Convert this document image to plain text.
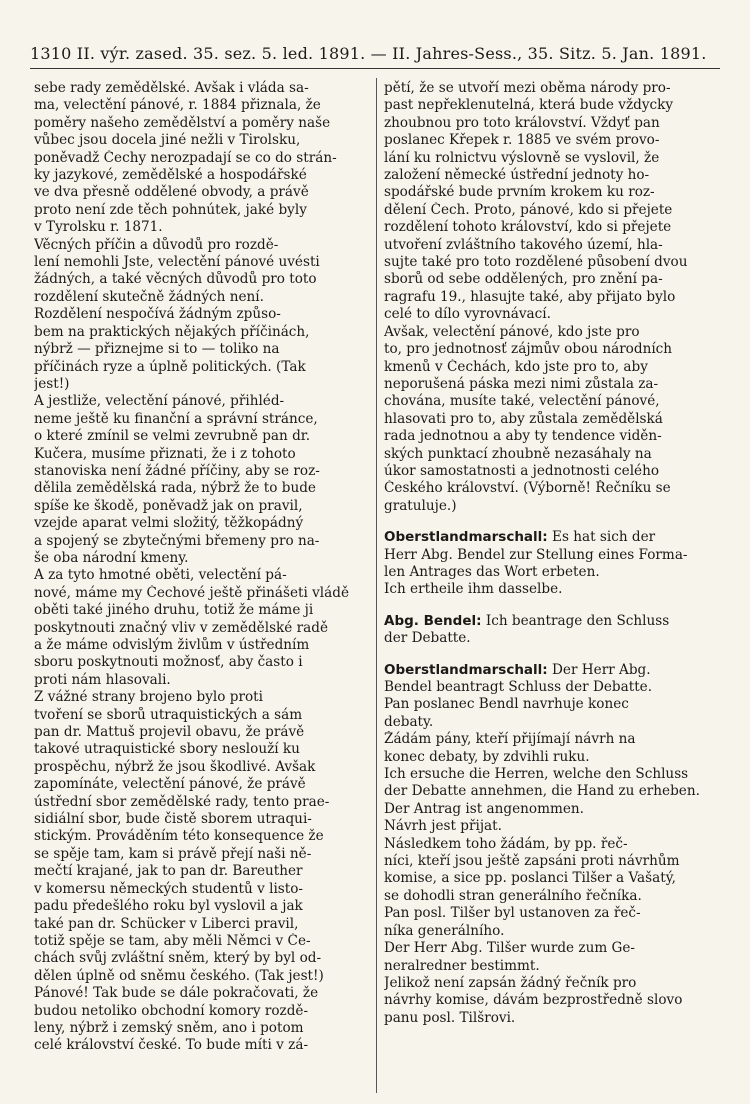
1310 II. výr. zased. 35. sez. 5. led. 1891. — II. Jahres-Sess., 35. Sitz. 5. Jan. 1891.
sebe rady zemědělské. Avšak i vláda sa-
ma, velectění pánové, r. 1884 přiznala, že
poměry našeho zemědělství a poměry naše
vůbec jsou docela jiné nežli v Tirolsku,
poněvadž Čechy nerozpadají se co do strán-
ky jazykové, zemědělské a hospodářské
ve dva přesně oddělené obvody, a právě
proto není zde těch pohnútek, jaké byly
v Tyrolsku r. 1871.
Věcných příčin a důvodů pro rozdě-
lení nemohli Jste, velectění pánové uvésti
žádných, a také věcných důvodů pro toto
rozdělení skutečně žádných není.
Rozdělení nespočívá žádným způso-
bem na praktických nějakých příčinách,
nýbrž — přiznejme si to — toliko na
příčinách ryze a úplně politických. (Tak
jest!)
A jestliže, velectění pánové, přihléd-
neme ještě ku finanční a správní stránce,
o které zmínil se velmi zevrubně pan dr.
Kučera, musíme přiznati, že i z tohoto
stanoviska není žádné příčiny, aby se roz-
dělila zemědělská rada, nýbrž že to bude
spíše ke škodě, poněvadž jak on pravil,
vzejde aparat velmi složitý, těžkopádný
a spojený se zbytečnými břemeny pro na-
še oba národní kmeny.
A za tyto hmotné oběti, velectění pá-
nové, máme my Čechové ještě přinášeti vládě
oběti také jiného druhu, totiž že máme ji
poskytnouti značný vliv v zemědělské radě
a že máme odvislým živlům v ústředním
sboru poskytnouti možnosť, aby často i
proti nám hlasovali.
Z vážné strany brojeno bylo proti
tvoření se sborů utraquistických a sám
pan dr. Mattuš projevil obavu, že právě
takové utraquistické sbory neslouží ku
prospěchu, nýbrž že jsou škodlivé. Avšak
zapomínáte, velectění pánové, že právě
ústřední sbor zemědělské rady, tento prae-
sidiální sbor, bude čistě sborem utraqui-
stickým. Prováděním této konsequence že
se spěje tam, kam si právě přejí naši ně-
mečtí krajané, jak to pan dr. Bareuther
v komersu německých studentů v listo-
padu předešlého roku byl vyslovil a jak
také pan dr. Schücker v Liberci pravil,
totiž spěje se tam, aby měli Němci v Če-
chách svůj zvláštní sněm, který by byl od-
dělen úplně od sněmu českého. (Tak jest!)
Pánové! Tak bude se dále pokračovati, že
budou netoliko obchodní komory rozdě-
leny, nýbrž i zemský sněm, ano i potom
celé království české. To bude míti v zá-
pětí, že se utvoří mezi oběma národy pro-
past nepřeklenutelná, která bude vždycky
zhoubnou pro toto království. Vždyť pan
poslanec Křepek r. 1885 ve svém provo-
lání ku rolnictvu výslovně se vyslovil, že
založení německé ústřední jednoty ho-
spodářské bude prvním krokem ku roz-
dělení Čech. Proto, pánové, kdo si přejete
rozdělení tohoto království, kdo si přejete
utvoření zvláštního takového území, hla-
sujte také pro toto rozdělené působení dvou
sborů od sebe oddělených, pro znění pa-
ragrafu 19., hlasujte také, aby přijato bylo
celé to dílo vyrovnávací.
Avšak, velectění pánové, kdo jste pro
to, pro jednotnosť zájmův obou národních
kmenů v Čechách, kdo jste pro to, aby
neporušená páska mezi nimi zůstala za-
chována, musíte také, velectění pánové,
hlasovati pro to, aby zůstala zemědělská
rada jednotnou a aby ty tendence viděn-
ských punktací zhoubně nezasáhaly na
úkor samostatnosti a jednotnosti celého
Českého království. (Výborně! Řečníku se
gratuluje.)
Oberstlandmarschall: Es hat sich der
Herr Abg. Bendel zur Stellung eines Forma-
len Antrages das Wort erbeten.
Ich ertheile ihm dasselbe.
Abg. Bendel: Ich beantrage den Schluss
der Debatte.
Oberstlandmarschall: Der Herr Abg.
Bendel beantragt Schluss der Debatte.
Pan poslanec Bendl navrhuje konec
debaty.
Žádám pány, kteří přijímají návrh na
konec debaty, by zdvihli ruku.
Ich ersuche die Herren, welche den Schluss
der Debatte annehmen, die Hand zu erheben.
Der Antrag ist angenommen.
Návrh jest přijat.
Následkem toho žádám, by pp. řeč-
níci, kteří jsou ještě zapsáni proti návrhům
komise, a sice pp. poslanci Tilšer a Vašatý,
se dohodli stran generálního řečníka.
Pan posl. Tilšer byl ustanoven za řeč-
níka generálního.
Der Herr Abg. Tilšer wurde zum Ge-
neralredner bestimmt.
Jelikož není zapsán žádný řečník pro
návrhy komise, dávám bezprostředně slovo
panu posl. Tilšrovi.
